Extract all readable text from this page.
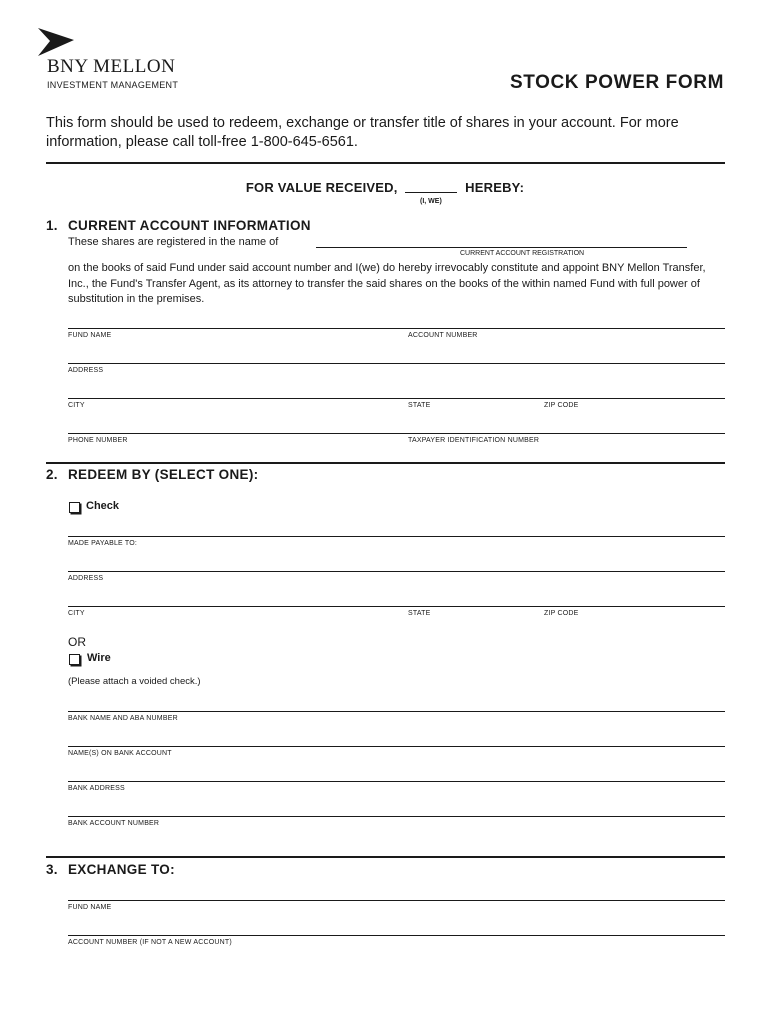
BNY MELLON
INVESTMENT MANAGEMENT	STOCK POWER FORM
This form should be used to redeem, exchange or transfer title of shares in your account. For more information, please call toll-free 1-800-645-6561.
FOR VALUE RECEIVED,	HEREBY:
(I, WE)
1. CURRENT ACCOUNT INFORMATION
These shares are registered in the name of
CURRENT ACCOUNT REGISTRATION
on the books of said Fund under said account number and I(we) do hereby irrevocably constitute and appoint BNY Mellon Transfer, Inc., the Fund's Transfer Agent, as its attorney to transfer the said shares on the books of the within named Fund with full power of substitution in the premises.
FUND NAME	ACCOUNT NUMBER
ADDRESS
CITY	STATE	ZIP CODE
PHONE NUMBER	TAXPAYER IDENTIFICATION NUMBER
2. REDEEM BY (SELECT ONE):
Check
MADE PAYABLE TO:
ADDRESS
CITY	STATE	ZIP CODE
OR
Wire
(Please attach a voided check.)
BANK NAME AND ABA NUMBER
NAME(S) ON BANK ACCOUNT
BANK ADDRESS
BANK ACCOUNT NUMBER
3. EXCHANGE TO:
FUND NAME
ACCOUNT NUMBER (IF NOT A NEW ACCOUNT)
